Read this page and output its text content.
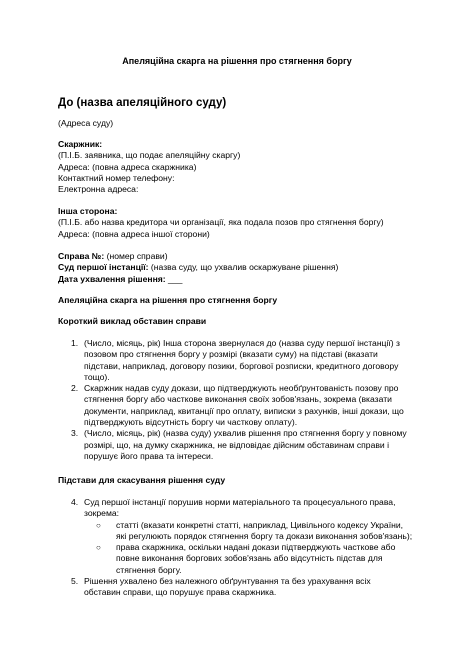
Апеляційна скарга на рішення про стягнення боргу
До (назва апеляційного суду)
(Адреса суду)
Скаржник:
(П.І.Б. заявника, що подає апеляційну скаргу)
Адреса: (повна адреса скаржника)
Контактний номер телефону:
Електронна адреса:
Інша сторона:
(П.І.Б. або назва кредитора чи організації, яка подала позов про стягнення боргу)
Адреса: (повна адреса іншої сторони)
Справа №: (номер справи)
Суд першої інстанції: (назва суду, що ухвалив оскаржуване рішення)
Дата ухвалення рішення: ___
Апеляційна скарга на рішення про стягнення боргу
Короткий виклад обставин справи
1. (Число, місяць, рік) Інша сторона звернулася до (назва суду першої інстанції) з
позовом про стягнення боргу у розмірі (вказати суму) на підставі (вказати
підстави, наприклад, договору позики, боргової розписки, кредитного договору
тощо).
2. Скаржник надав суду докази, що підтверджують необґрунтованість позову про
стягнення боргу або часткове виконання своїх зобов'язань, зокрема (вказати
документи, наприклад, квитанції про оплату, виписки з рахунків, інші докази, що
підтверджують відсутність боргу чи часткову оплату).
3. (Число, місяць, рік) (назва суду) ухвалив рішення про стягнення боргу у повному
розмірі, що, на думку скаржника, не відповідає дійсним обставинам справи і
порушує його права та інтереси.
Підстави для скасування рішення суду
4. Суд першої інстанції порушив норми матеріального та процесуального права,
зокрема:
○ статті (вказати конкретні статті, наприклад, Цивільного кодексу України,
які регулюють порядок стягнення боргу та докази виконання зобов'язань);
○ права скаржника, оскільки надані докази підтверджують часткове або
повне виконання боргових зобов'язань або відсутність підстав для
стягнення боргу.
5. Рішення ухвалено без належного обґрунтування та без урахування всіх
обставин справи, що порушує права скаржника.
